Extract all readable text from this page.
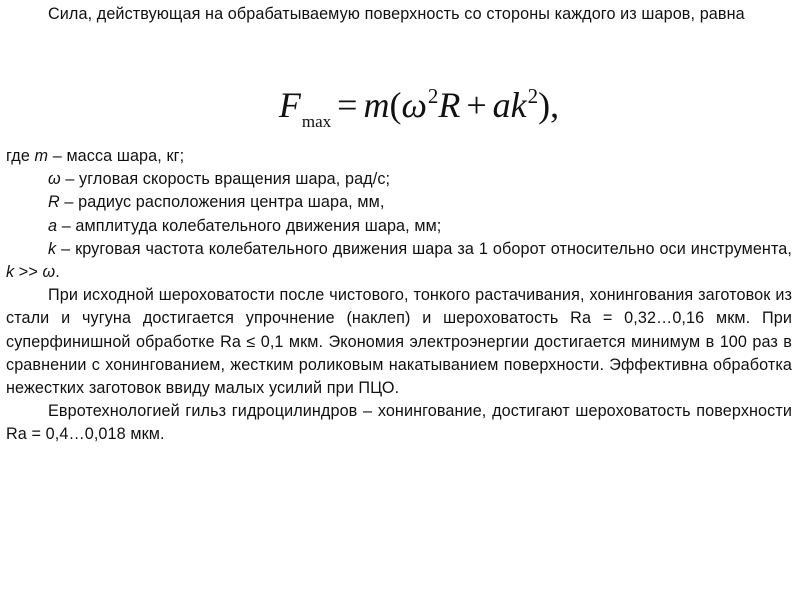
Сила, действующая на обрабатываемую поверхность со стороны каждого из шаров, равна

$F_{max} = m(\omega^2R + ak^2)$,

где m – масса шара, кг;

ω – угловая скорость вращения шара, рад/с;

R – радиус расположения центра шара, мм,

а – амплитуда колебательного движения шара, мм;

k – круговая частота колебательного движения шара за 1 оборот относительно оси инструмента, k >> ω.

При исходной шероховатости после чистового, тонкого растачивания, хонингования заготовок из стали и чугуна достигается упрочнение (наклеп) и шероховатость Ra = 0,32…0,16 мкм. При суперфинишной обработке Ra ≤ 0,1 мкм. Экономия электроэнергии достигается минимум в 100 раз в сравнении с хонингованием, жестким роликовым накатыванием поверхности. Эффективна обработка нежестких заготовок ввиду малых усилий при ПЦО.

Евротехнологией гильз гидроцилиндров – хонингование, достигают шероховатость поверхности Ra = 0,4…0,018 мкм.
